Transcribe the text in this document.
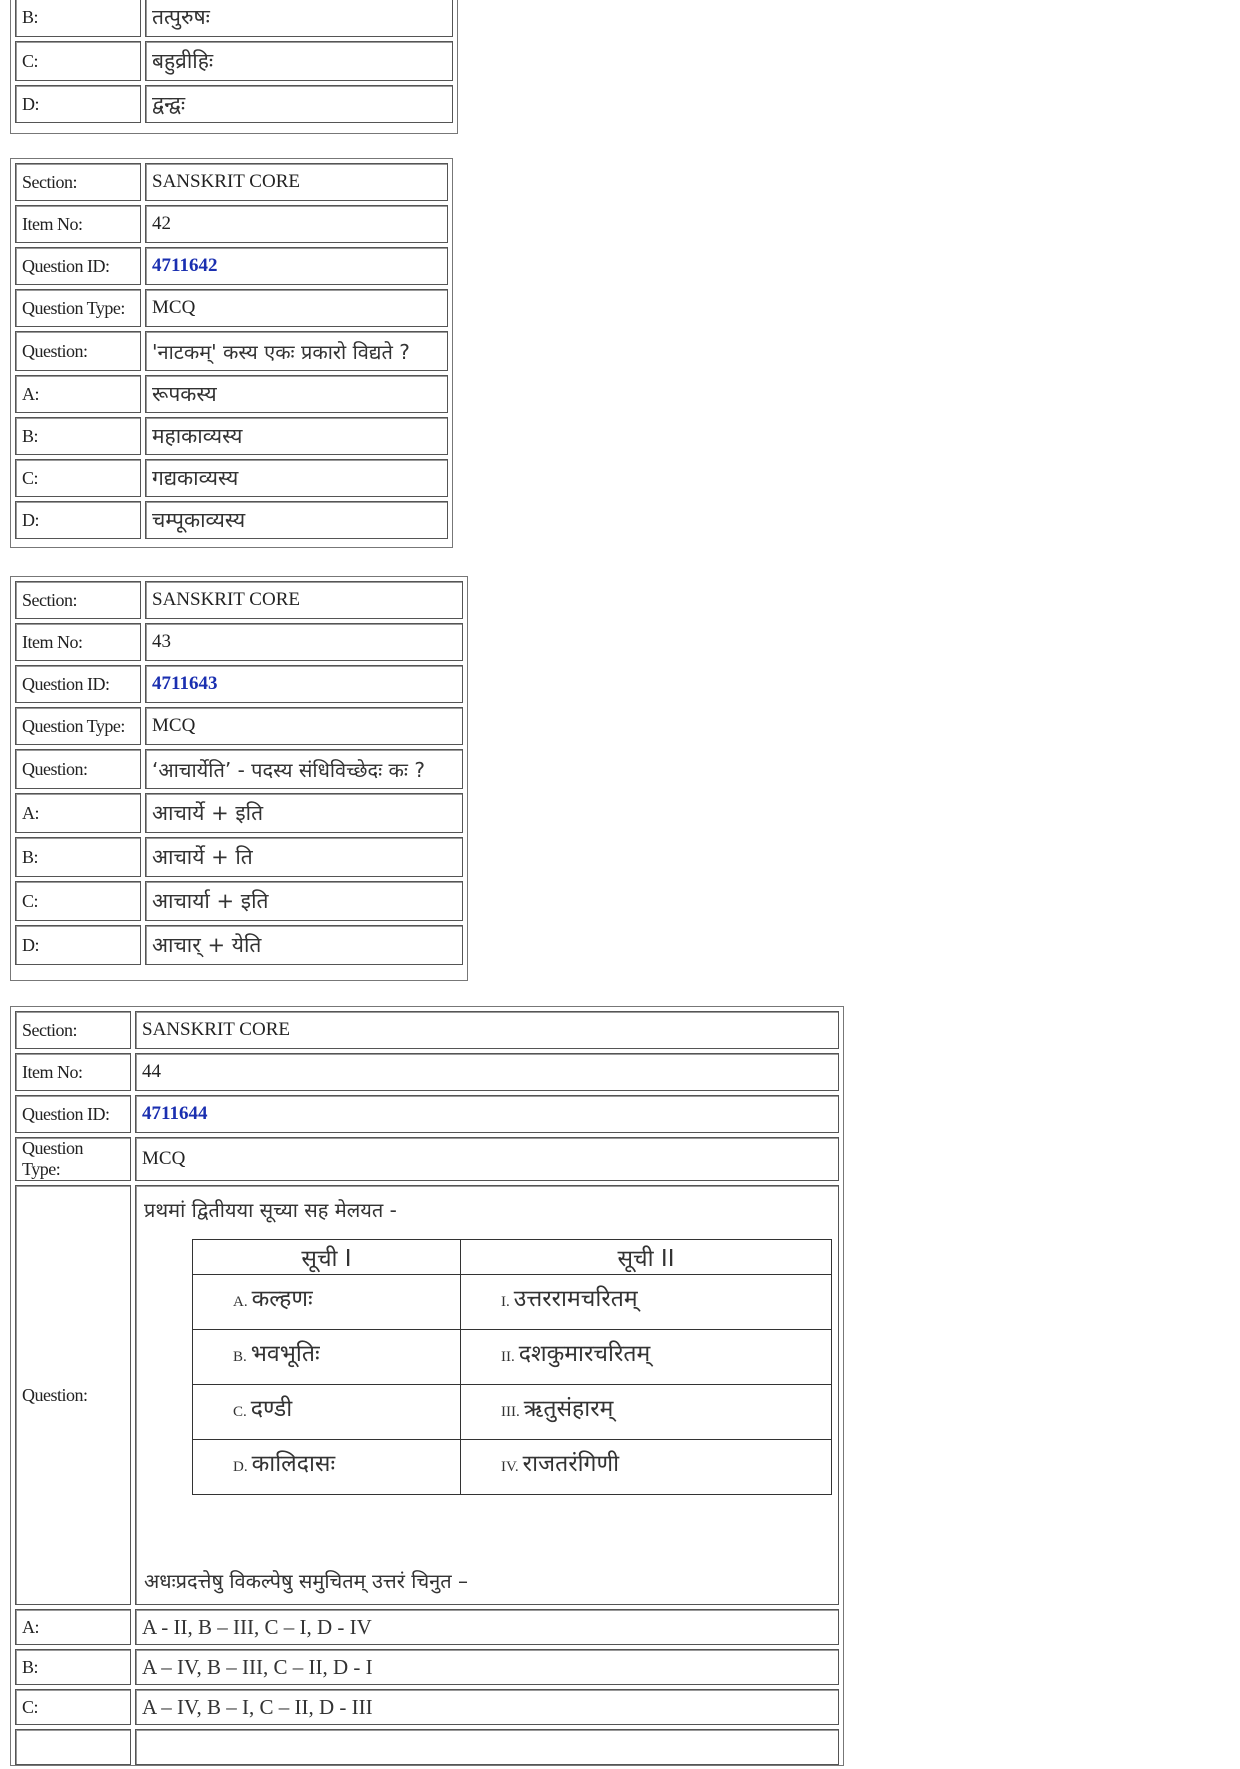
B:	तत्पुरुषः
C:	बहुव्रीहिः
D:	द्वन्द्वः
Section:	SANSKRIT CORE
Item No:	42
Question ID:	4711642
Question Type:	MCQ
Question:	'नाटकम्' कस्य एकः प्रकारो विद्यते ?
A:	रूपकस्य
B:	महाकाव्यस्य
C:	गद्यकाव्यस्य
D:	चम्पूकाव्यस्य
Section:	SANSKRIT CORE
Item No:	43
Question ID:	4711643
Question Type:	MCQ
Question:	‘आचार्येति’ - पदस्य संधिविच्छेदः कः ?
A:	आचार्ये + इति
B:	आचार्ये + ति
C:	आचार्या + इति
D:	आचार् + येति
Section:	SANSKRIT CORE
Item No:	44
Question ID:	4711644
Question Type:	MCQ
Question:	
प्रथमां द्वितीयया सूच्या सह मेलयत -
सूची I	सूची II
A. कल्हणः	I. उत्तररामचरितम्
B. भवभूतिः	II. दशकुमारचरितम्
C. दण्डी	III. ऋतुसंहारम्
D. कालिदासः	IV. राजतरंगिणी
अधःप्रदत्तेषु विकल्पेषु समुचितम् उत्तरं चिनुत –

A:	A - II, B – III, C – I, D - IV
B:	A – IV, B – III, C – II, D - I
C:	A – IV, B – I, C – II, D - III
